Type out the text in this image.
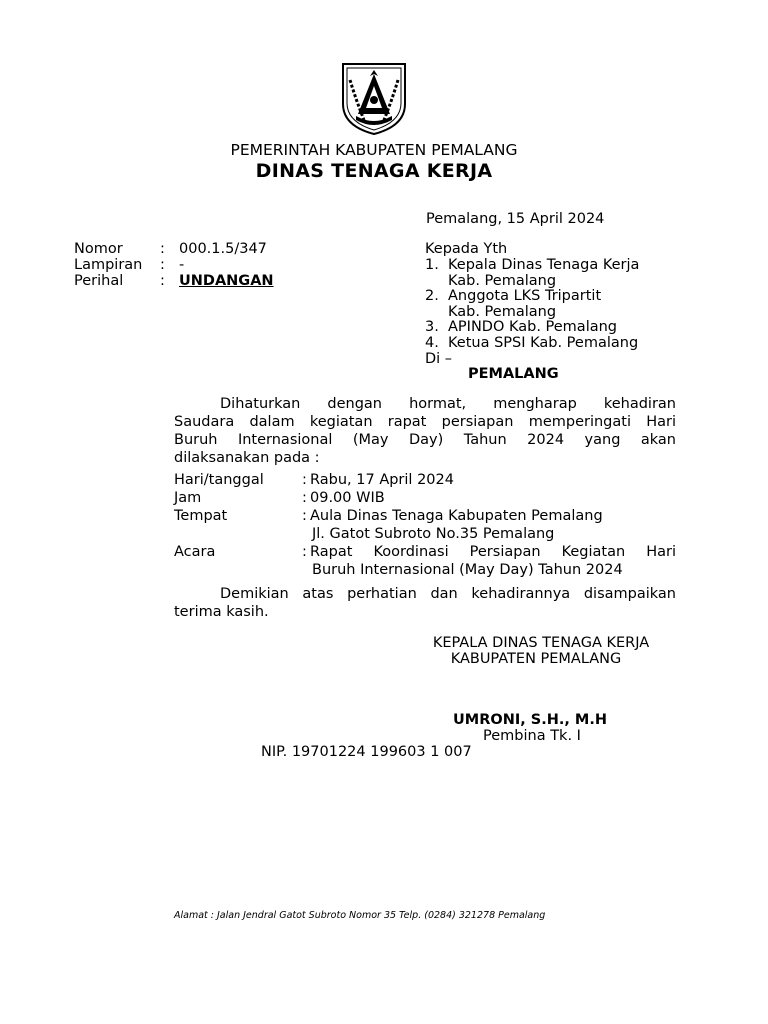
PEMERINTAH KABUPATEN PEMALANG
DINAS TENAGA KERJA
Pemalang, 15 April 2024
Nomor	: 000.1.5/347
Lampiran : -
Perihal	: UNDANGAN
Kepada Yth
1. Kepala Dinas Tenaga Kerja
Kab. Pemalang
2. Anggota LKS Tripartit
Kab. Pemalang
3. APINDO Kab. Pemalang
4. Ketua SPSI Kab. Pemalang
Di –
PEMALANG
Dihaturkan dengan hormat, mengharap kehadiran
Saudara dalam kegiatan rapat persiapan memperingati Hari
Buruh Internasional (May Day) Tahun 2024 yang akan
dilaksanakan pada :
Hari/tanggal	: Rabu, 17 April 2024
Jam	: 09.00 WIB
Tempat	: Aula Dinas Tenaga Kabupaten Pemalang
Jl. Gatot Subroto No.35 Pemalang
Acara	: Rapat Koordinasi Persiapan Kegiatan Hari
Buruh Internasional (May Day) Tahun 2024
Demikian atas perhatian dan kehadirannya disampaikan
terima kasih.
KEPALA DINAS TENAGA KERJA
KABUPATEN PEMALANG
UMRONI, S.H., M.H
Pembina Tk. I
NIP. 19701224 199603 1 007
Alamat : Jalan Jendral Gatot Subroto Nomor 35 Telp. (0284) 321278 Pemalang
